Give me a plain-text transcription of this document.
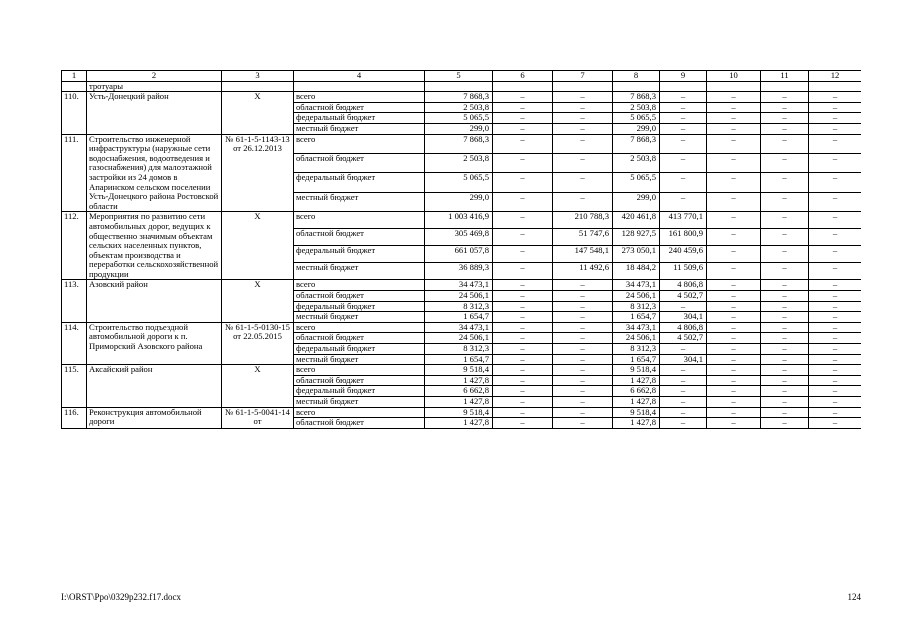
1	2	3	4	5	6	7	8	9	10	11	12
	тротуары										
110.	Усть-Донецкий район	Х	всего	7 868,3	–	–	7 868,3	–	–	–	–
			областной бюджет	2 503,8	–	–	2 503,8	–	–	–	–
			федеральный бюджет	5 065,5	–	–	5 065,5	–	–	–	–
			местный бюджет	299,0	–	–	299,0	–	–	–	–
111.	Строительство инженерной инфраструктуры (наружные сети водоснабжения, водоотведения и газоснабжения) для малоэтажной застройки из 24 домов в Апаринском сельском поселении Усть-Донецкого района Ростовской области	№ 61-1-5-1143-13 от 26.12.2013	всего	7 868,3	–	–	7 868,3	–	–	–	–
			областной бюджет	2 503,8	–	–	2 503,8	–	–	–	–
			федеральный бюджет	5 065,5	–	–	5 065,5	–	–	–	–
			местный бюджет	299,0	–	–	299,0	–	–	–	–
112.	Мероприятия по развитию сети автомобильных дорог, ведущих к общественно значимым объектам сельских населенных пунктов, объектам производства и переработки сельскохозяйственной продукции	Х	всего	1 003 416,9	–	210 788,3	420 461,8	413 770,1	–	–	–
			областной бюджет	305 469,8	–	51 747,6	128 927,5	161 800,9	–	–	–
			федеральный бюджет	661 057,8	–	147 548,1	273 050,1	240 459,6	–	–	–
			местный бюджет	36 889,3	–	11 492,6	18 484,2	11 509,6	–	–	–
113.	Азовский район	Х	всего	34 473,1	–	–	34 473,1	4 806,8	–	–	–
			областной бюджет	24 506,1	–	–	24 506,1	4 502,7	–	–	–
			федеральный бюджет	8 312,3	–	–	8 312,3	–	–	–	–
			местный бюджет	1 654,7	–	–	1 654,7	304,1	–	–	–
114.	Строительство подъездной автомобильной дороги к п. Приморский Азовского района	№ 61-1-5-0130-15 от 22.05.2015	всего	34 473,1	–	–	34 473,1	4 806,8	–	–	–
			областной бюджет	24 506,1	–	–	24 506,1	4 502,7	–	–	–
			федеральный бюджет	8 312,3	–	–	8 312,3	–	–	–	–
			местный бюджет	1 654,7	–	–	1 654,7	304,1	–	–	–
115.	Аксайский район	Х	всего	9 518,4	–	–	9 518,4	–	–	–	–
			областной бюджет	1 427,8	–	–	1 427,8	–	–	–	–
			федеральный бюджет	6 662,8	–	–	6 662,8	–	–	–	–
			местный бюджет	1 427,8	–	–	1 427,8	–	–	–	–
116.	Реконструкция автомобильной дороги	№ 61-1-5-0041-14 от	всего	9 518,4	–	–	9 518,4	–	–	–	–
			областной бюджет	1 427,8	–	–	1 427,8	–	–	–	–
I:\ORST\Ppo\0329p232.f17.docx	124
